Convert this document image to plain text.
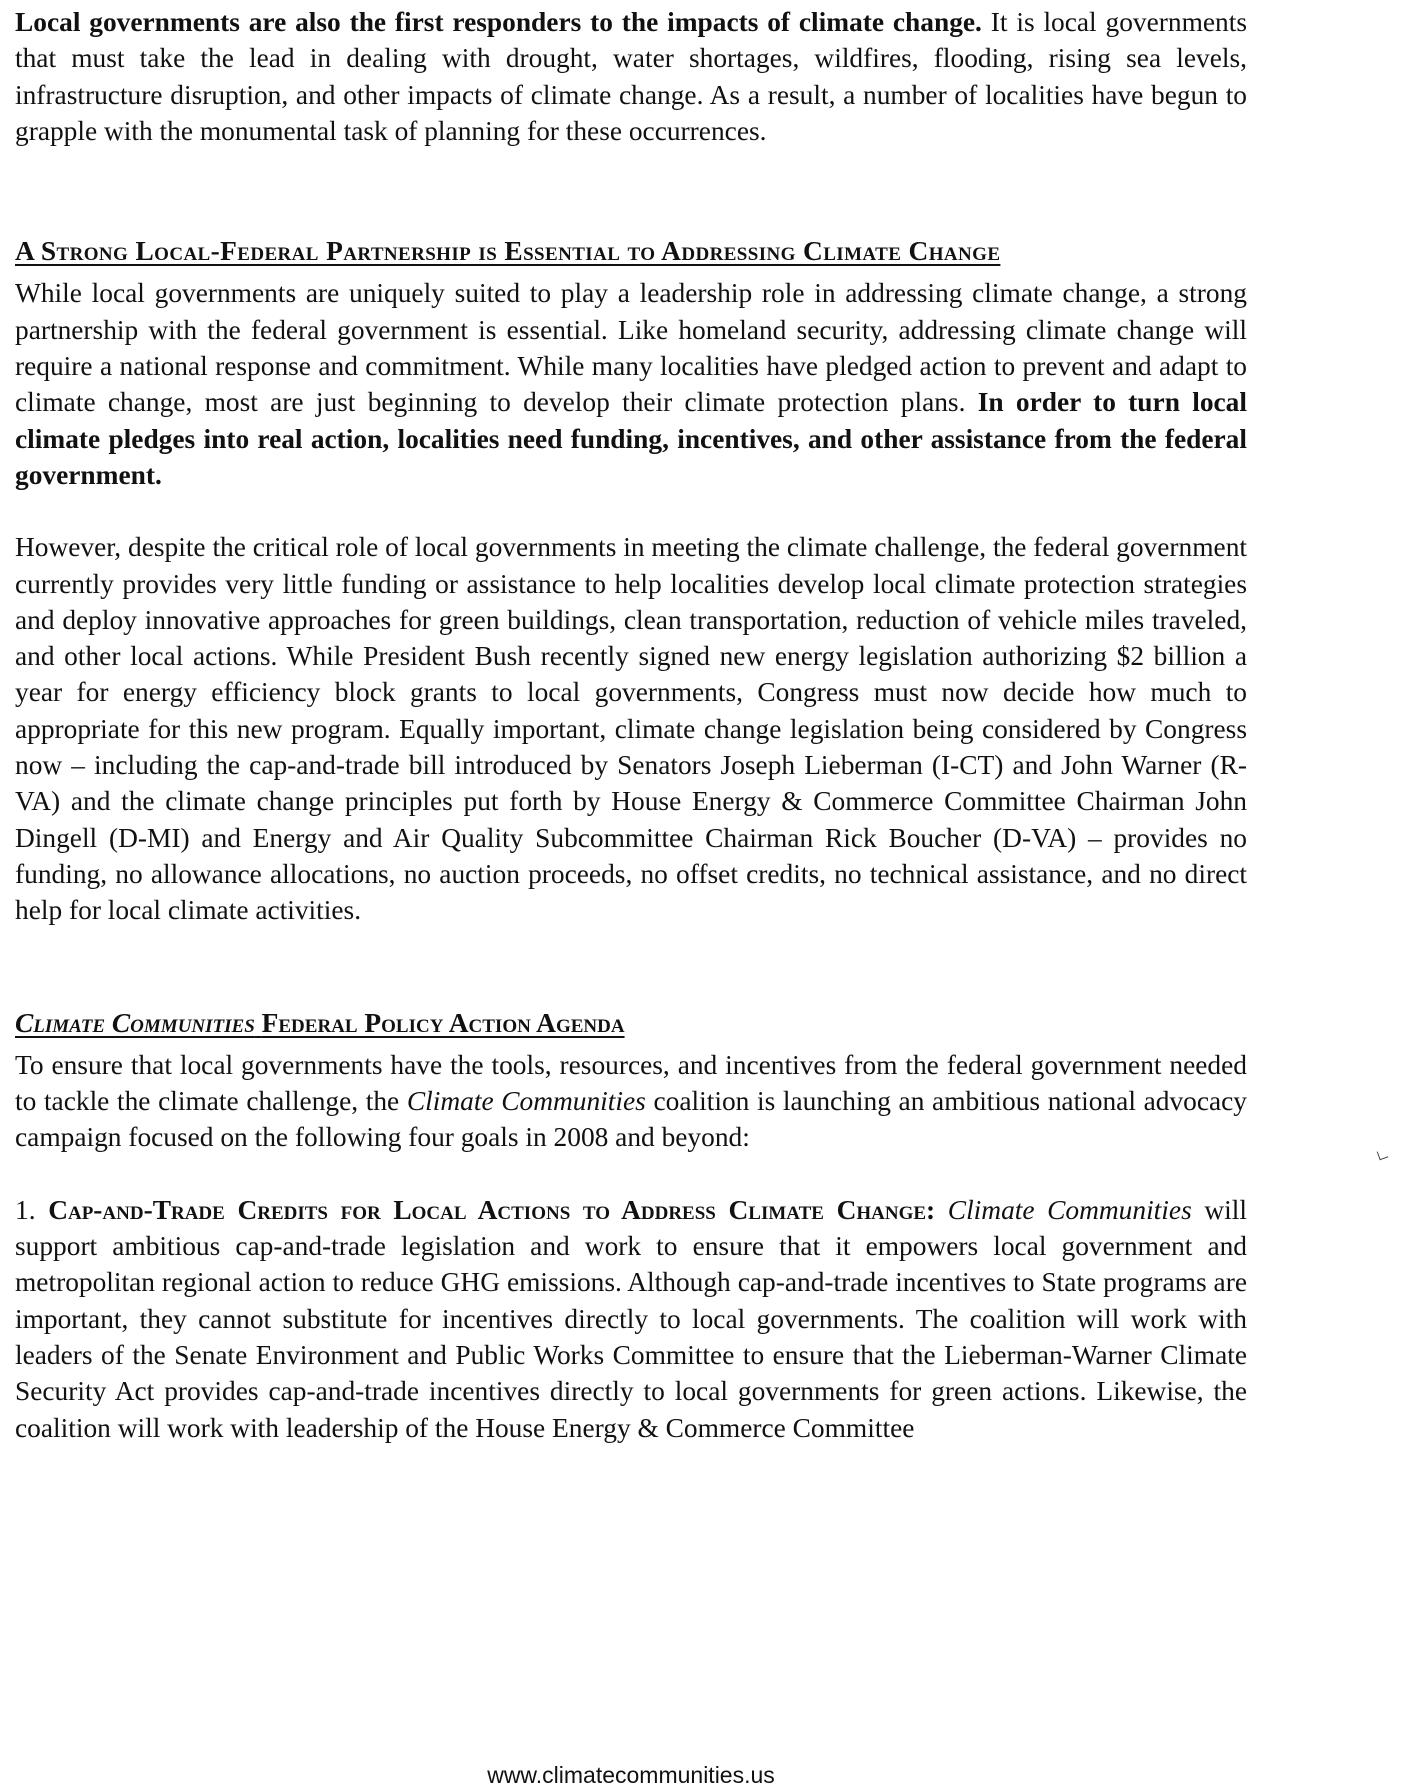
Local governments are also the first responders to the impacts of climate change. It is local governments that must take the lead in dealing with drought, water shortages, wildfires, flooding, rising sea levels, infrastructure disruption, and other impacts of climate change. As a result, a number of localities have begun to grapple with the monumental task of planning for these occurrences.

A Strong Local-Federal Partnership is Essential to Addressing Climate Change

While local governments are uniquely suited to play a leadership role in addressing climate change, a strong partnership with the federal government is essential. Like homeland security, addressing climate change will require a national response and commitment. While many localities have pledged action to prevent and adapt to climate change, most are just beginning to develop their climate protection plans. In order to turn local climate pledges into real action, localities need funding, incentives, and other assistance from the federal government.

However, despite the critical role of local governments in meeting the climate challenge, the federal government currently provides very little funding or assistance to help localities develop local climate protection strategies and deploy innovative approaches for green buildings, clean transportation, reduction of vehicle miles traveled, and other local actions. While President Bush recently signed new energy legislation authorizing $2 billion a year for energy efficiency block grants to local governments, Congress must now decide how much to appropriate for this new program. Equally important, climate change legislation being considered by Congress now – including the cap-and-trade bill introduced by Senators Joseph Lieberman (I-CT) and John Warner (R-VA) and the climate change principles put forth by House Energy & Commerce Committee Chairman John Dingell (D-MI) and Energy and Air Quality Subcommittee Chairman Rick Boucher (D-VA) – provides no funding, no allowance allocations, no auction proceeds, no offset credits, no technical assistance, and no direct help for local climate activities.

Climate Communities Federal Policy Action Agenda

To ensure that local governments have the tools, resources, and incentives from the federal government needed to tackle the climate challenge, the Climate Communities coalition is launching an ambitious national advocacy campaign focused on the following four goals in 2008 and beyond:

1. Cap-and-Trade Credits for Local Actions to Address Climate Change: Climate Communities will support ambitious cap-and-trade legislation and work to ensure that it empowers local government and metropolitan regional action to reduce GHG emissions. Although cap-and-trade incentives to State programs are important, they cannot substitute for incentives directly to local governments. The coalition will work with leaders of the Senate Environment and Public Works Committee to ensure that the Lieberman-Warner Climate Security Act provides cap-and-trade incentives directly to local governments for green actions. Likewise, the coalition will work with leadership of the House Energy & Commerce Committee

www.climatecommunities.us
